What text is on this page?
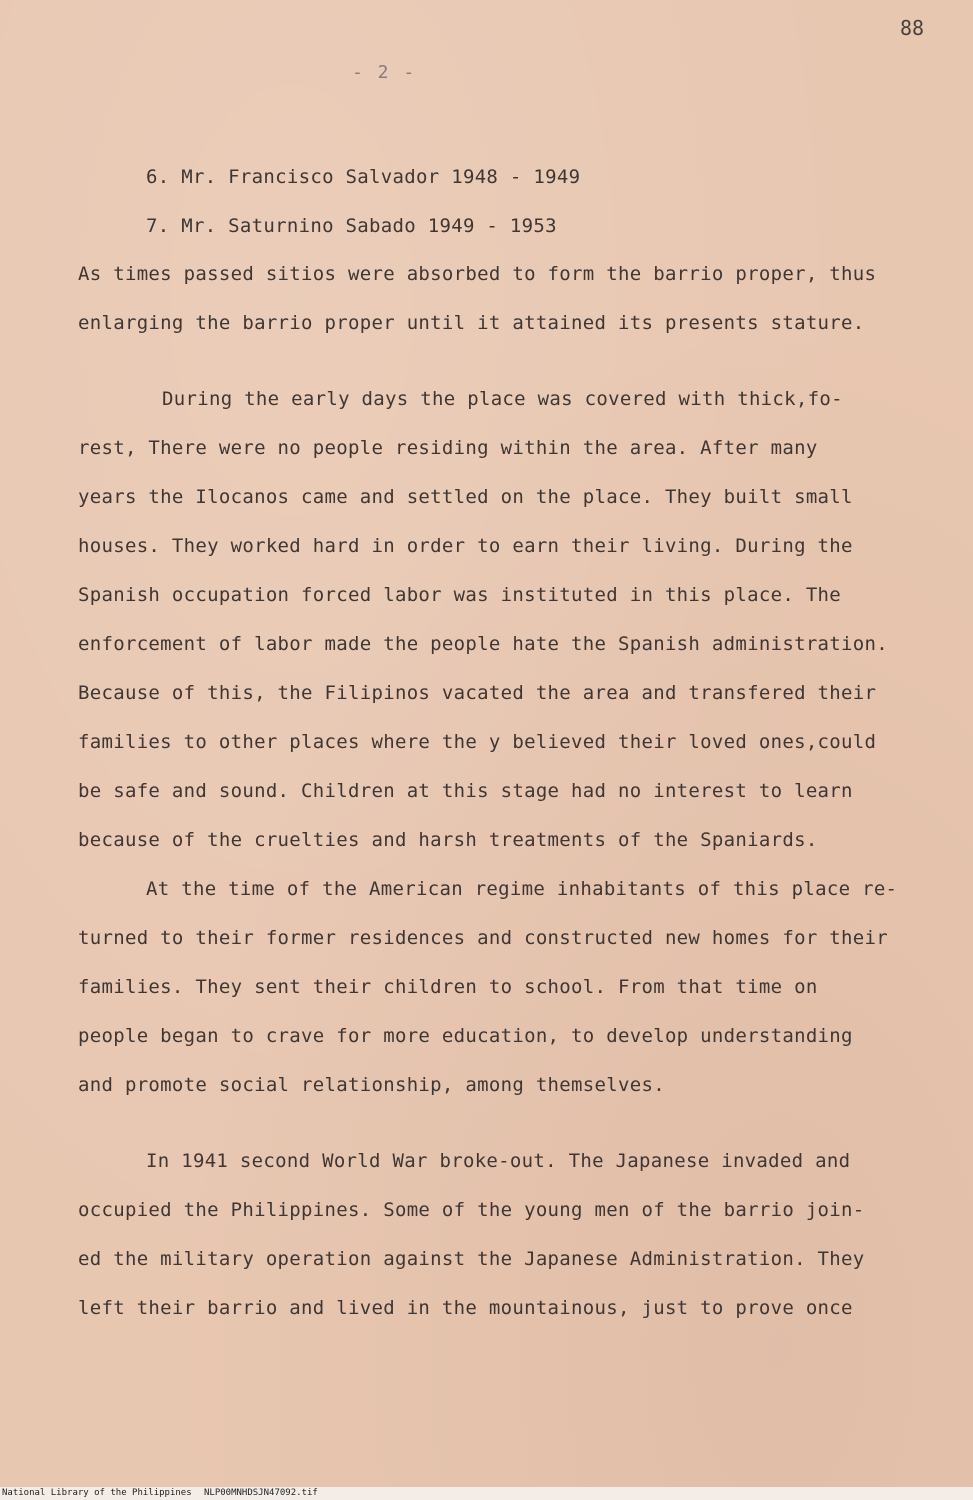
88
- 2 -
6. Mr. Francisco Salvador 1948 - 1949
7. Mr. Saturnino Sabado 1949 - 1953
As times passed sitios were absorbed to form the barrio proper, thus
enlarging the barrio proper until it attained its presents stature.
During the early days the place was covered with thick,fo-
rest, There were no people residing within the area. After many
years the Ilocanos came and settled on the place. They built small
houses. They worked hard in order to earn their living. During the
Spanish occupation forced labor was instituted in this place. The
enforcement of labor made the people hate the Spanish administration.
Because of this, the Filipinos vacated the area and transfered their
families to other places where the y believed their loved ones,could
be safe and sound. Children at this stage had no interest to learn
because of the cruelties and harsh treatments of the Spaniards.
At the time of the American regime inhabitants of this place re-
turned to their former residences and constructed new homes for their
families. They sent their children to school. From that time on
people began to crave for more education, to develop understanding
and promote social relationship, among themselves.
In 1941 second World War broke-out. The Japanese invaded and
occupied the Philippines. Some of the young men of the barrio join-
ed the military operation against the Japanese Administration. They
left their barrio and lived in the mountainous, just to prove once
National Library of the Philippines NLP00MNHDSJN47092.tif
